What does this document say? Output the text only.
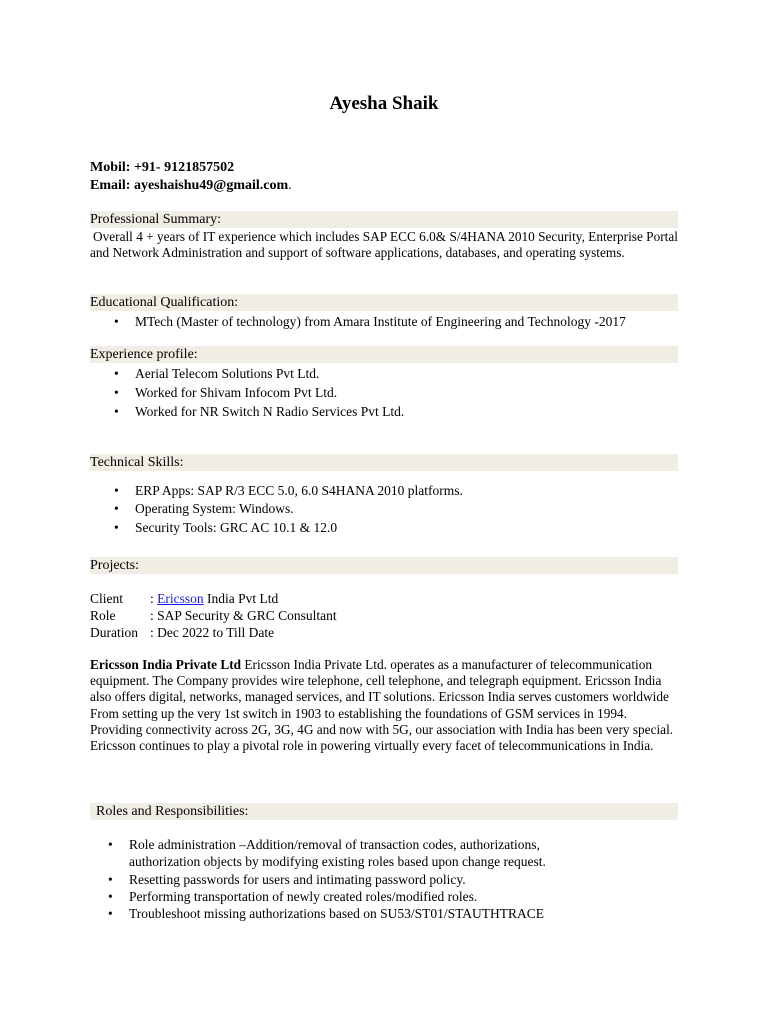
Ayesha Shaik
Mobil: +91- 9121857502
Email: ayeshaishu49@gmail.com.
Professional Summary:
Overall 4 + years of IT experience which includes SAP ECC 6.0& S/4HANA 2010 Security, Enterprise Portal and Network Administration and support of software applications, databases, and operating systems.
Educational Qualification:
• MTech (Master of technology) from Amara Institute of Engineering and Technology -2017
Experience profile:
• Aerial Telecom Solutions Pvt Ltd.
• Worked for Shivam Infocom Pvt Ltd.
• Worked for NR Switch N Radio Services Pvt Ltd.
Technical Skills:
• ERP Apps: SAP R/3 ECC 5.0, 6.0 S4HANA 2010 platforms.
• Operating System: Windows.
• Security Tools: GRC AC 10.1 & 12.0
Projects:
Client : Ericsson India Pvt Ltd
Role	: SAP Security & GRC Consultant
Duration : Dec 2022 to Till Date
Ericsson India Private Ltd Ericsson India Private Ltd. operates as a manufacturer of telecommunication equipment. The Company provides wire telephone, cell telephone, and telegraph equipment. Ericsson India also offers digital, networks, managed services, and IT solutions. Ericsson India serves customers worldwide From setting up the very 1st switch in 1903 to establishing the foundations of GSM services in 1994. Providing connectivity across 2G, 3G, 4G and now with 5G, our association with India has been very special. Ericsson continues to play a pivotal role in powering virtually every facet of telecommunications in India.
Roles and Responsibilities:
• Role administration –Addition/removal of transaction codes, authorizations,
authorization objects by modifying existing roles based upon change request.
• Resetting passwords for users and intimating password policy.
• Performing transportation of newly created roles/modified roles.
• Troubleshoot missing authorizations based on SU53/ST01/STAUTHTRACE
